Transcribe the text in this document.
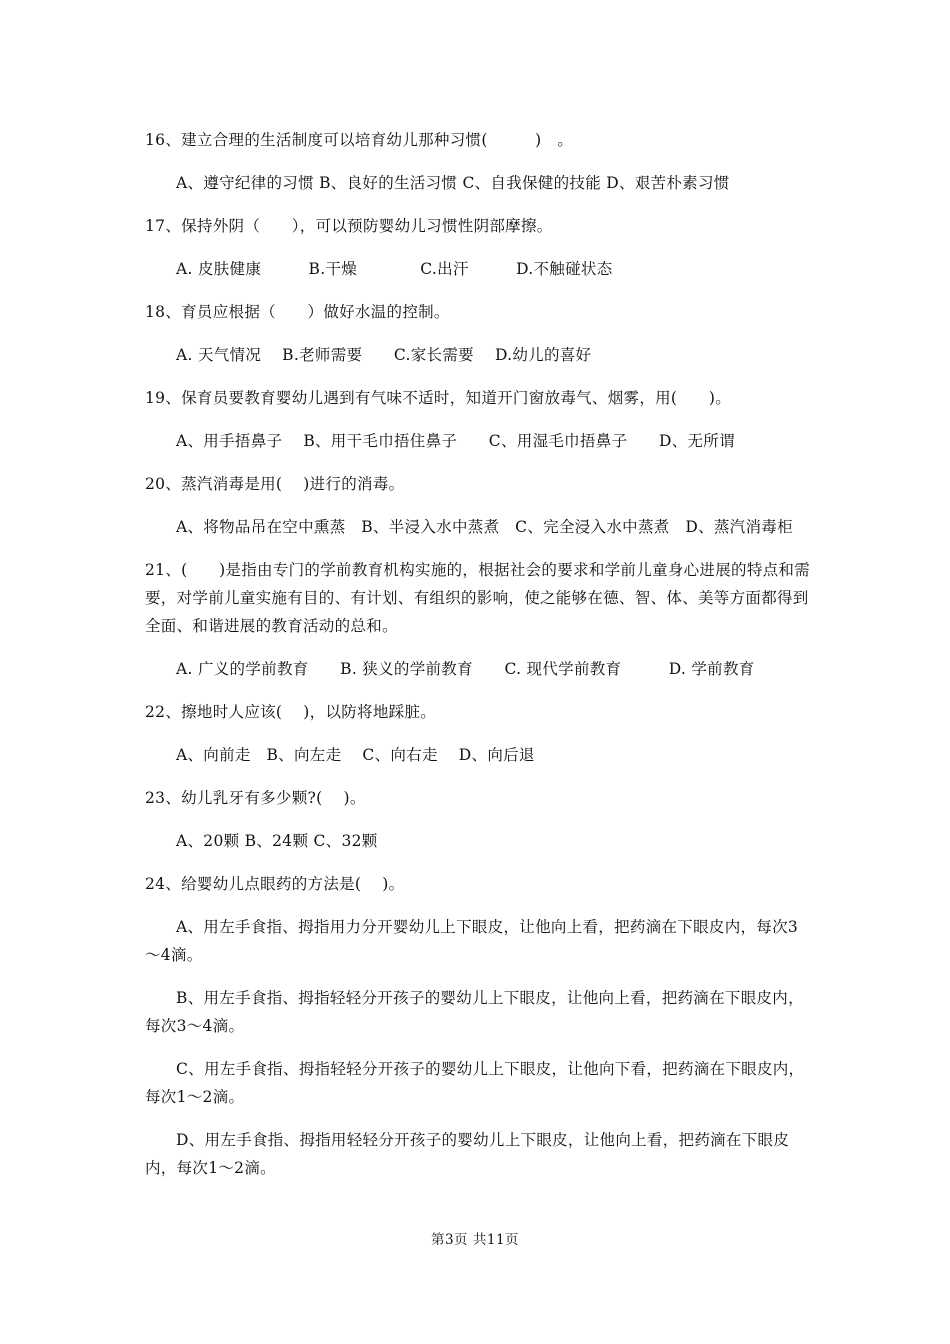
16、建立合理的生活制度可以培育幼儿那种习惯(　　　)　。

A、遵守纪律的习惯 B、良好的生活习惯 C、自我保健的技能 D、艰苦朴素习惯

17、保持外阴（　　），可以预防婴幼儿习惯性阴部摩擦。

A. 皮肤健康　　　B.干燥　　　　C.出汗　　　D.不触碰状态

18、育员应根据（　　）做好水温的控制。

A. 天气情况　 B.老师需要　　C.家长需要　 D.幼儿的喜好

19、保育员要教育婴幼儿遇到有气味不适时，知道开门窗放毒气、烟雾，用(　　)。

A、用手捂鼻子　 B、用干毛巾捂住鼻子　　C、用湿毛巾捂鼻子　　D、无所谓

20、蒸汽消毒是用(　 )进行的消毒。

A、将物品吊在空中熏蒸　B、半浸入水中蒸煮　C、完全浸入水中蒸煮　D、蒸汽消毒柜

21、(　　)是指由专门的学前教育机构实施的，根据社会的要求和学前儿童身心进展的特点和需要，对学前儿童实施有目的、有计划、有组织的影响，使之能够在德、智、体、美等方面都得到全面、和谐进展的教育活动的总和。

A. 广义的学前教育　　B. 狭义的学前教育　　C. 现代学前教育　　　D. 学前教育

22、擦地时人应该(　 )，以防将地踩脏。

A、向前走　B、向左走　 C、向右走　 D、向后退

23、幼儿乳牙有多少颗?(　 )。

A、20颗 B、24颗 C、32颗

24、给婴幼儿点眼药的方法是(　 )。

A、用左手食指、拇指用力分开婴幼儿上下眼皮，让他向上看，把药滴在下眼皮内，每次3～4滴。

B、用左手食指、拇指轻轻分开孩子的婴幼儿上下眼皮，让他向上看，把药滴在下眼皮内，每次3～4滴。

C、用左手食指、拇指轻轻分开孩子的婴幼儿上下眼皮，让他向下看，把药滴在下眼皮内，每次1～2滴。

D、用左手食指、拇指用轻轻分开孩子的婴幼儿上下眼皮，让他向上看，把药滴在下眼皮内，每次1～2滴。

第3页 共11页
